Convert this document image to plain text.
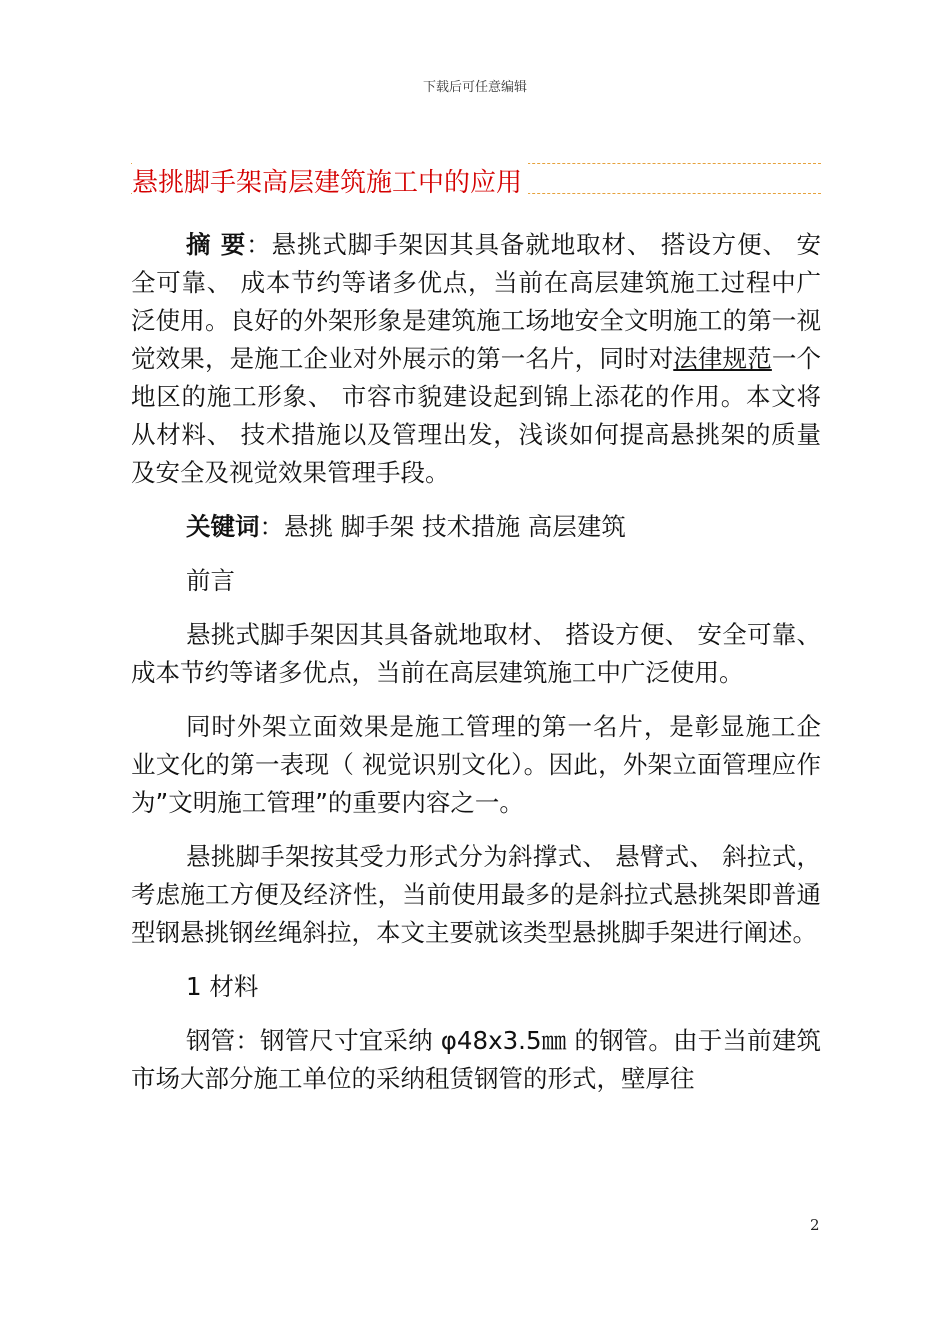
下载后可任意编辑
悬挑脚手架高层建筑施工中的应用

摘 要：悬挑式脚手架因其具备就地取材、 搭设方便、 安全可靠、 成本节约等诸多优点，当前在高层建筑施工过程中广泛使用。良好的外架形象是建筑施工场地安全文明施工的第一视觉效果，是施工企业对外展示的第一名片，同时对法律规范一个地区的施工形象、 市容市貌建设起到锦上添花的作用。本文将从材料、 技术措施以及管理出发，浅谈如何提高悬挑架的质量及安全及视觉效果管理手段。

关键词：悬挑 脚手架 技术措施 高层建筑

前言

悬挑式脚手架因其具备就地取材、 搭设方便、 安全可靠、 成本节约等诸多优点，当前在高层建筑施工中广泛使用。

同时外架立面效果是施工管理的第一名片，是彰显施工企业文化的第一表现（ 视觉识别文化）。因此，外架立面管理应作为”文明施工管理”的重要内容之一。

悬挑脚手架按其受力形式分为斜撑式、 悬臂式、 斜拉式，考虑施工方便及经济性，当前使用最多的是斜拉式悬挑架即普通型钢悬挑钢丝绳斜拉，本文主要就该类型悬挑脚手架进行阐述。

1 材料

钢管：钢管尺寸宜采纳 φ48x3.5㎜ 的钢管。由于当前建筑市场大部分施工单位的采纳租赁钢管的形式，壁厚往

2
